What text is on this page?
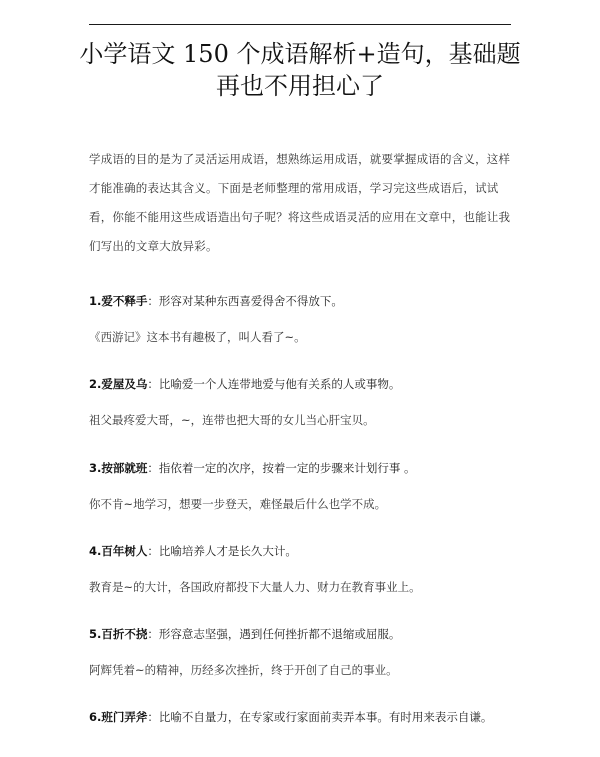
小学语文 150 个成语解析+造句，基础题
再也不用担心了

学成语的目的是为了灵活运用成语，想熟练运用成语，就要掌握成语的含义，这样才能准确的表达其含义。下面是老师整理的常用成语，学习完这些成语后，试试看，你能不能用这些成语造出句子呢？将这些成语灵活的应用在文章中，也能让我们写出的文章大放异彩。

1.爱不释手：形容对某种东西喜爱得舍不得放下。

《西游记》这本书有趣极了，叫人看了~。

2.爱屋及乌：比喻爱一个人连带地爱与他有关系的人或事物。

祖父最疼爱大哥，~，连带也把大哥的女儿当心肝宝贝。

3.按部就班：指依着一定的次序，按着一定的步骤来计划行事 。

你不肯~地学习，想要一步登天，难怪最后什么也学不成。

4.百年树人：比喻培养人才是长久大计。

教育是~的大计，各国政府都投下大量人力、财力在教育事业上。

5.百折不挠：形容意志坚强，遇到任何挫折都不退缩或屈服。

阿辉凭着~的精神，历经多次挫折，终于开创了自己的事业。

6.班门弄斧：比喻不自量力，在专家或行家面前卖弄本事。有时用来表示自谦。
